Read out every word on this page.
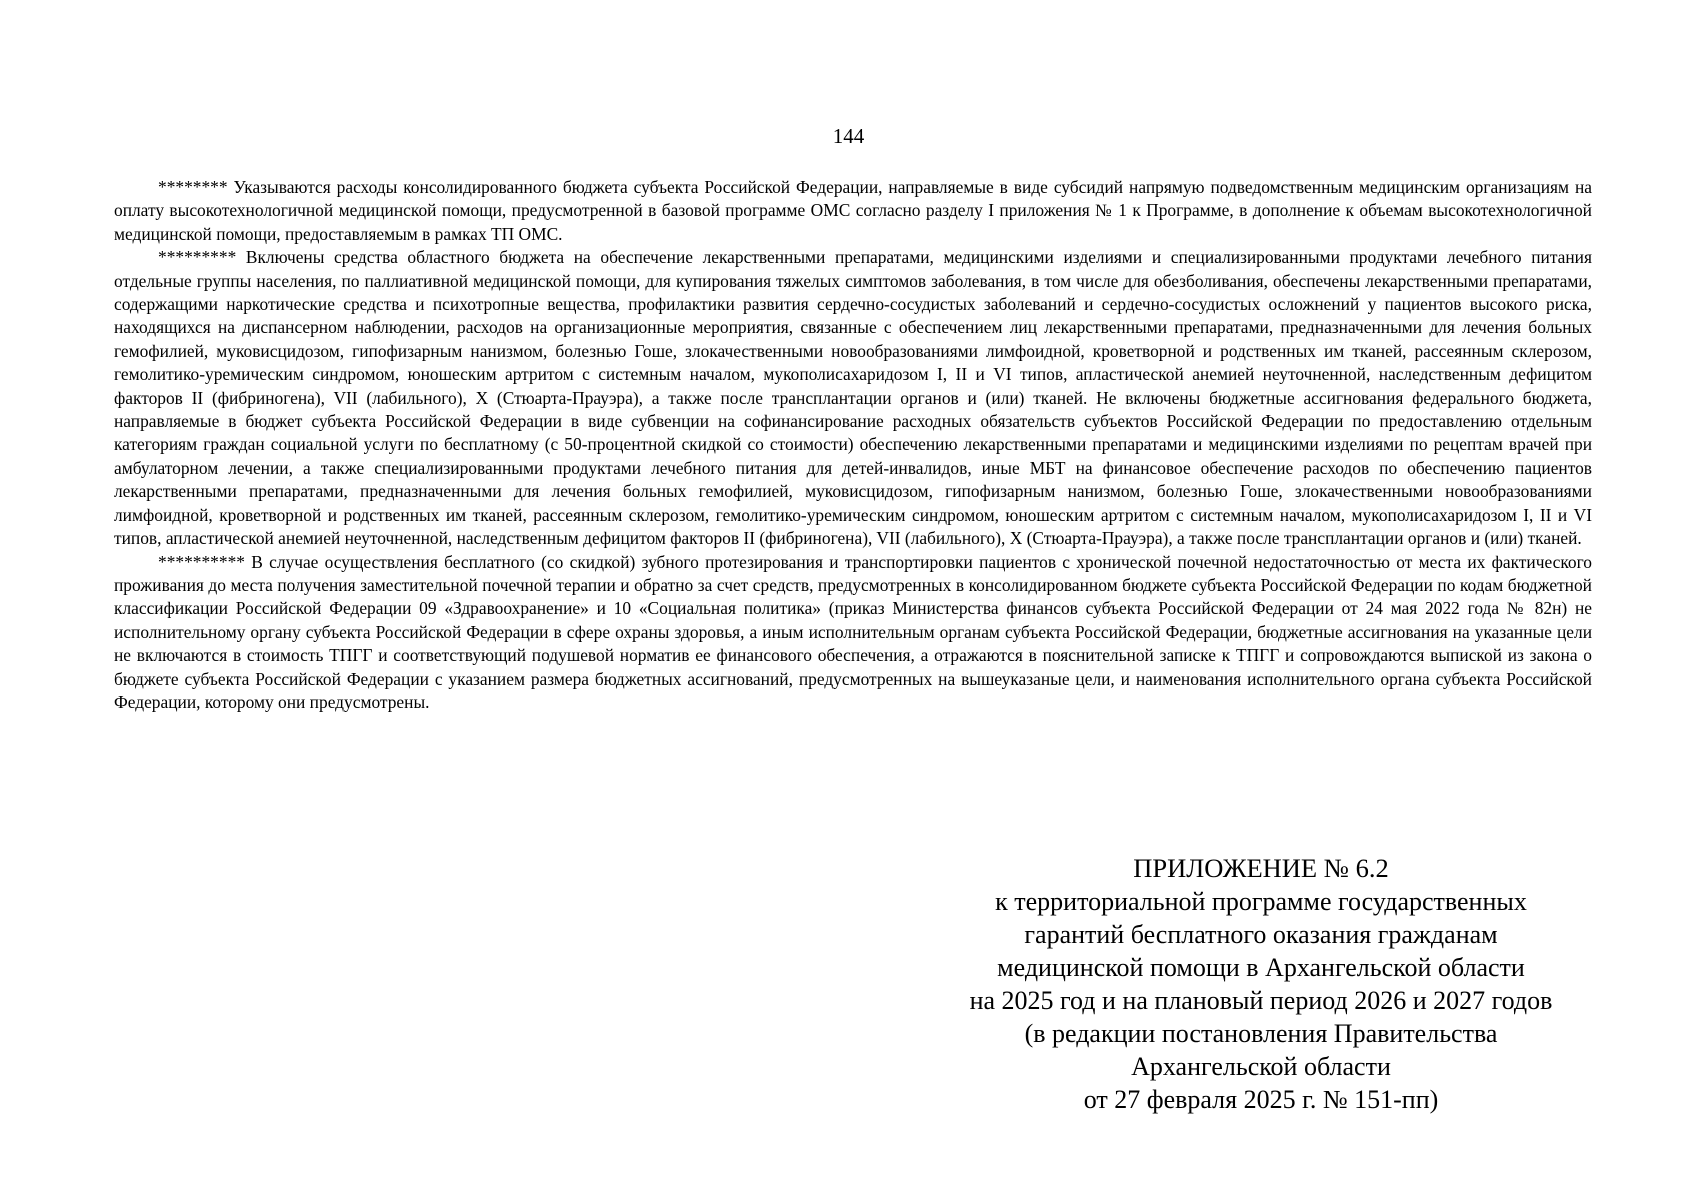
144

******** Указываются расходы консолидированного бюджета субъекта Российской Федерации, направляемые в виде субсидий напрямую подведомственным медицинским организациям на оплату высокотехнологичной медицинской помощи, предусмотренной в базовой программе ОМС согласно разделу I приложения № 1 к Программе, в дополнение к объемам высокотехнологичной медицинской помощи, предоставляемым в рамках ТП ОМС.

********* Включены средства областного бюджета на обеспечение лекарственными препаратами, медицинскими изделиями и специализированными продуктами лечебного питания отдельные группы населения, по паллиативной медицинской помощи, для купирования тяжелых симптомов заболевания, в том числе для обезболивания, обеспечены лекарственными препаратами, содержащими наркотические средства и психотропные вещества, профилактики развития сердечно-сосудистых заболеваний и сердечно-сосудистых осложнений у пациентов высокого риска, находящихся на диспансерном наблюдении, расходов на организационные мероприятия, связанные с обеспечением лиц лекарственными препаратами, предназначенными для лечения больных гемофилией, муковисцидозом, гипофизарным нанизмом, болезнью Гоше, злокачественными новообразованиями лимфоидной, кроветворной и родственных им тканей, рассеянным склерозом, гемолитико-уремическим синдромом, юношеским артритом с системным началом, мукополисахаридозом I, II и VI типов, апластической анемией неуточненной, наследственным дефицитом факторов II (фибриногена), VII (лабильного), X (Стюарта-Прауэра), а также после трансплантации органов и (или) тканей. Не включены бюджетные ассигнования федерального бюджета, направляемые в бюджет субъекта Российской Федерации в виде субвенции на софинансирование расходных обязательств субъектов Российской Федерации по предоставлению отдельным категориям граждан социальной услуги по бесплатному (с 50-процентной скидкой со стоимости) обеспечению лекарственными препаратами и медицинскими изделиями по рецептам врачей при амбулаторном лечении, а также специализированными продуктами лечебного питания для детей-инвалидов, иные МБТ на финансовое обеспечение расходов по обеспечению пациентов лекарственными препаратами, предназначенными для лечения больных гемофилией, муковисцидозом, гипофизарным нанизмом, болезнью Гоше, злокачественными новообразованиями лимфоидной, кроветворной и родственных им тканей, рассеянным склерозом, гемолитико-уремическим синдромом, юношеским артритом с системным началом, мукополисахаридозом I, II и VI типов, апластической анемией неуточненной, наследственным дефицитом факторов II (фибриногена), VII (лабильного), X (Стюарта-Прауэра), а также после трансплантации органов и (или) тканей.

********** В случае осуществления бесплатного (со скидкой) зубного протезирования и транспортировки пациентов с хронической почечной недостаточностью от места их фактического проживания до места получения заместительной почечной терапии и обратно за счет средств, предусмотренных в консолидированном бюджете субъекта Российской Федерации по кодам бюджетной классификации Российской Федерации 09 «Здравоохранение» и 10 «Социальная политика» (приказ Министерства финансов субъекта Российской Федерации от 24 мая 2022 года № 82н) не исполнительному органу субъекта Российской Федерации в сфере охраны здоровья, а иным исполнительным органам субъекта Российской Федерации, бюджетные ассигнования на указанные цели не включаются в стоимость ТПГГ и соответствующий подушевой норматив ее финансового обеспечения, а отражаются в пояснительной записке к ТПГГ и сопровождаются выпиской из закона о бюджете субъекта Российской Федерации с указанием размера бюджетных ассигнований, предусмотренных на вышеуказаные цели, и наименования исполнительного органа субъекта Российской Федерации, которому они предусмотрены.

ПРИЛОЖЕНИЕ № 6.2
к территориальной программе государственных
гарантий бесплатного оказания гражданам
медицинской помощи в Архангельской области
на 2025 год и на плановый период 2026 и 2027 годов
(в редакции постановления Правительства
Архангельской области
от 27 февраля 2025 г. № 151-пп)
